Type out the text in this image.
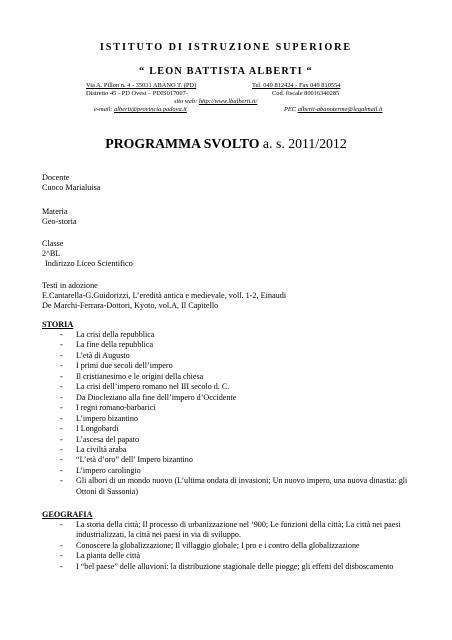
ISTITUTO DI ISTRUZIONE SUPERIORE
“ LEON BATTISTA ALBERTI “
Via A. Pillon n. 4 - 35031 ABANO T. (PD)	Tel. 049 812424 - Fax 049 810554
Distretto 45 - PD Ovest – PDIS017007-	Cod. fiscale 80016340285
sito web: http://www.lbalberti.it/
e-mail: alberti@provincia.padova.it	PEC alberti-abanoterme@legalmail.it
PROGRAMMA SVOLTO a. s. 2011/2012
Docente
Cuoco Marialuisa
Materia
Geo-storia
Classe
2^BL
Indirizzo Liceo Scientifico
Testi in adozione
E.Cantarella-G.Guidorizzi, L’eredità antica e medievale, voll. 1-2, Einaudi
De Marchi-Ferrara-Dottori, Kyoto, vol.A, Il Capitello
STORIA
- La crisi della repubblica
- La fine della repubblica
- L’età di Augusto
- I primi due secoli dell’impero
- Il cristianesimo e le origini della chiesa
- La crisi dell’impero romano nel III secolo d. C.
- Da Diocleziano alla fine dell’impero d’Occidente
- I regni romano-barbarici
- L’impero bizantino
- I Longobardi
- L’ascesa del papato
- La civiltà araba
- “L’età d’oro” dell’ Impero bizantino
- L’impero carolingio
- Gli albori di un mondo nuovo (L’ultima ondata di invasioni; Un nuovo impero, una nuova dinastia: gli Ottoni di Sassonia)
GEOGRAFIA
- La storia della città; Il processo di urbanizzazione nel ‘900; Le funzioni della città; La città nei paesi industrializzati, la città nei paesi in via di sviluppo.
- Conoscere la globalizzazione; Il villaggio globale; I pro e i contro della globalizzazione
- La pianta delle città
- I “bel paese” delle alluvioni: la distribuzione stagionale delle piogge; gli effetti del disboscamento
